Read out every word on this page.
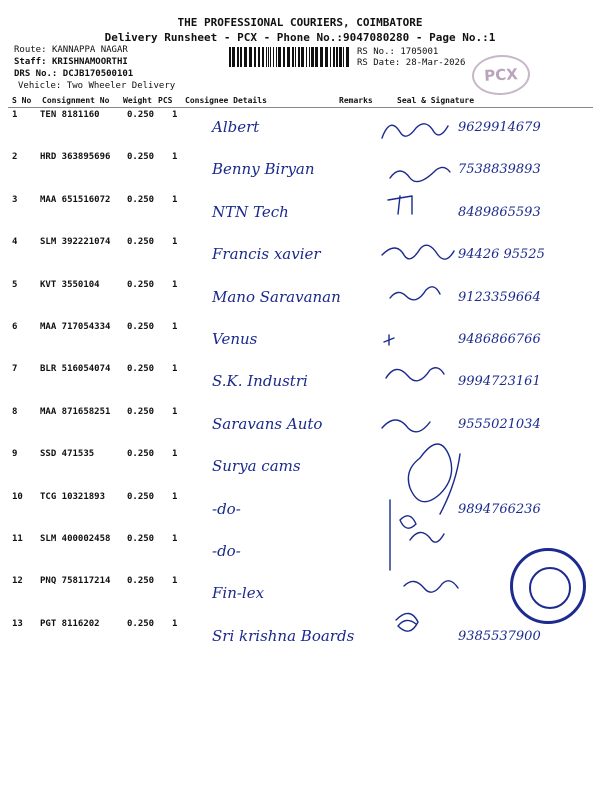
THE PROFESSIONAL COURIERS, COIMBATORE
Delivery Runsheet - PCX - Phone No.:9047080280 - Page No.:1
Route: KANNAPPA NAGAR
Staff: KRISHNAMOORTHI
DRS No.: DCJB170500101
Vehicle: Two Wheeler Delivery
RS No.: 1705001
RS Date: 28-Mar-2026
PCX
S No Consignment No Weight PCS Consignee Details	Remarks	Seal & Signature
1	TEN 8181160	0.250 1
Albert	9629914679
2	HRD 363895696 0.250 1
Benny Biryan	7538839893
3	MAA 651516072 0.250 1
NTN Tech	8489865593
4	SLM 392221074 0.250 1
Francis xavier	94426 95525
5	KVT 3550104	0.250 1
Mano Saravanan	9123359664
6	MAA 717054334 0.250 1
Venus	9486866766
7	BLR 516054074 0.250 1
S.K. Industri	9994723161
8	MAA 871658251 0.250 1
Saravans Auto	9555021034
9	SSD 471535	0.250 1
Surya cams
10 TCG 10321893 0.250 1
-do-	9894766236
11 SLM 400002458 0.250 1
-do-
12 PNQ 758117214 0.250 1
Fin-lex
13 PGT 8116202	0.250 1
Sri krishna Boards	9385537900
